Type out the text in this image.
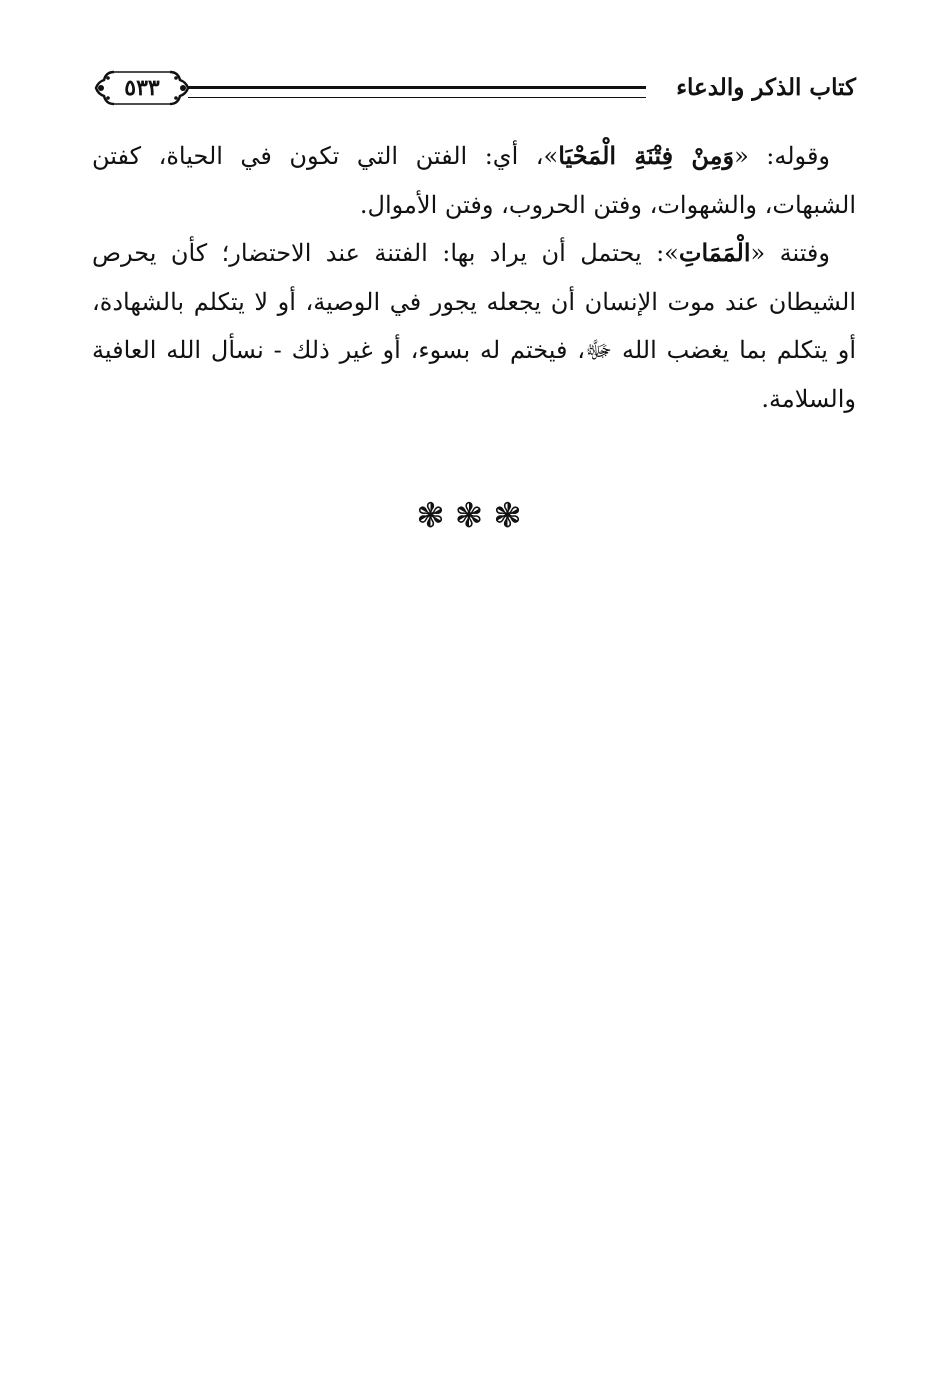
كتاب الذكر والدعاء
٥٣٣

وقوله: «وَمِنْ فِتْنَةِ الْمَحْيَا»، أي: الفتن التي تكون في الحياة، كفتن الشبهات، والشهوات، وفتن الحروب، وفتن الأموال.

وفتنة «الْمَمَاتِ»: يحتمل أن يراد بها: الفتنة عند الاحتضار؛ كأن يحرص الشيطان عند موت الإنسان أن يجعله يجور في الوصية، أو لا يتكلم بالشهادة، أو يتكلم بما يغضب الله ﷻ، فيختم له بسوء، أو غير ذلك - نسأل الله العافية والسلامة.

❃❃❃
